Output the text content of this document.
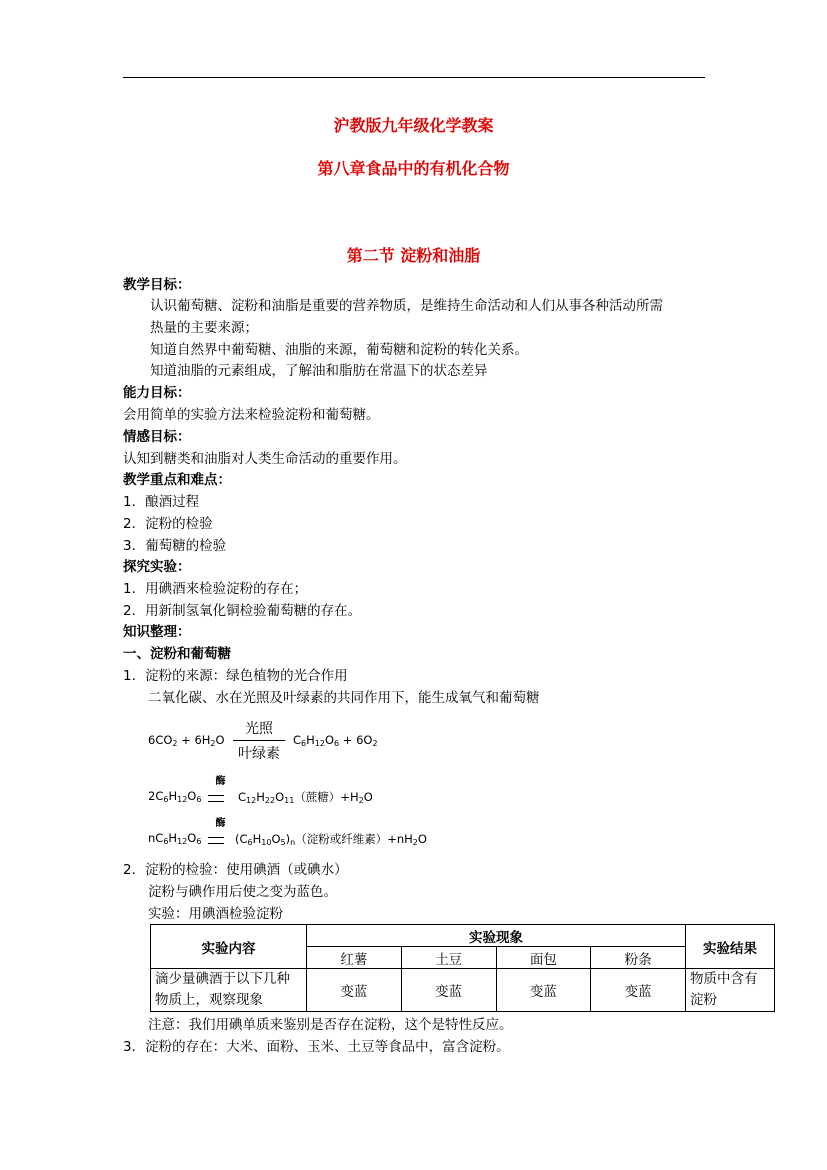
沪教版九年级化学教案
第八章食品中的有机化合物
第二节 淀粉和油脂
教学目标：
认识葡萄糖、淀粉和油脂是重要的营养物质，是维持生命活动和人们从事各种活动所需
热量的主要来源；
知道自然界中葡萄糖、油脂的来源，葡萄糖和淀粉的转化关系。
知道油脂的元素组成，了解油和脂肪在常温下的状态差异
能力目标：
会用简单的实验方法来检验淀粉和葡萄糖。
情感目标：
认知到糖类和油脂对人类生命活动的重要作用。
教学重点和难点：
1．酿酒过程
2．淀粉的检验
3．葡萄糖的检验
探究实验：
1．用碘酒来检验淀粉的存在；
2．用新制氢氧化铜检验葡萄糖的存在。
知识整理：
一、淀粉和葡萄糖
1．淀粉的来源：绿色植物的光合作用
二氧化碳、水在光照及叶绿素的共同作用下，能生成氧气和葡萄糖
$6CO_2 + 6H_2O$
光照
叶绿素
$C_6H_{12}O_6 + 6O_2$
$2C_6H_{12}O_6$
酶
$C_{12}H_{22}O_{11}$（蔗糖）$+H_2O$
$nC_6H_{12}O_6$
酶
$(C_6H_{10}O_5)_n$（淀粉或纤维素）$+nH_2O$
2．淀粉的检验：使用碘酒（或碘水）
淀粉与碘作用后使之变为蓝色。
实验：用碘酒检验淀粉
实验内容	实验现象				实验结果
	红薯	土豆	面包	粉条	
滴少量碘酒于以下几种物质上，观察现象	变蓝	变蓝	变蓝	变蓝	物质中含有淀粉
注意：我们用碘单质来鉴别是否存在淀粉，这个是特性反应。
3．淀粉的存在：大米、面粉、玉米、土豆等食品中，富含淀粉。
